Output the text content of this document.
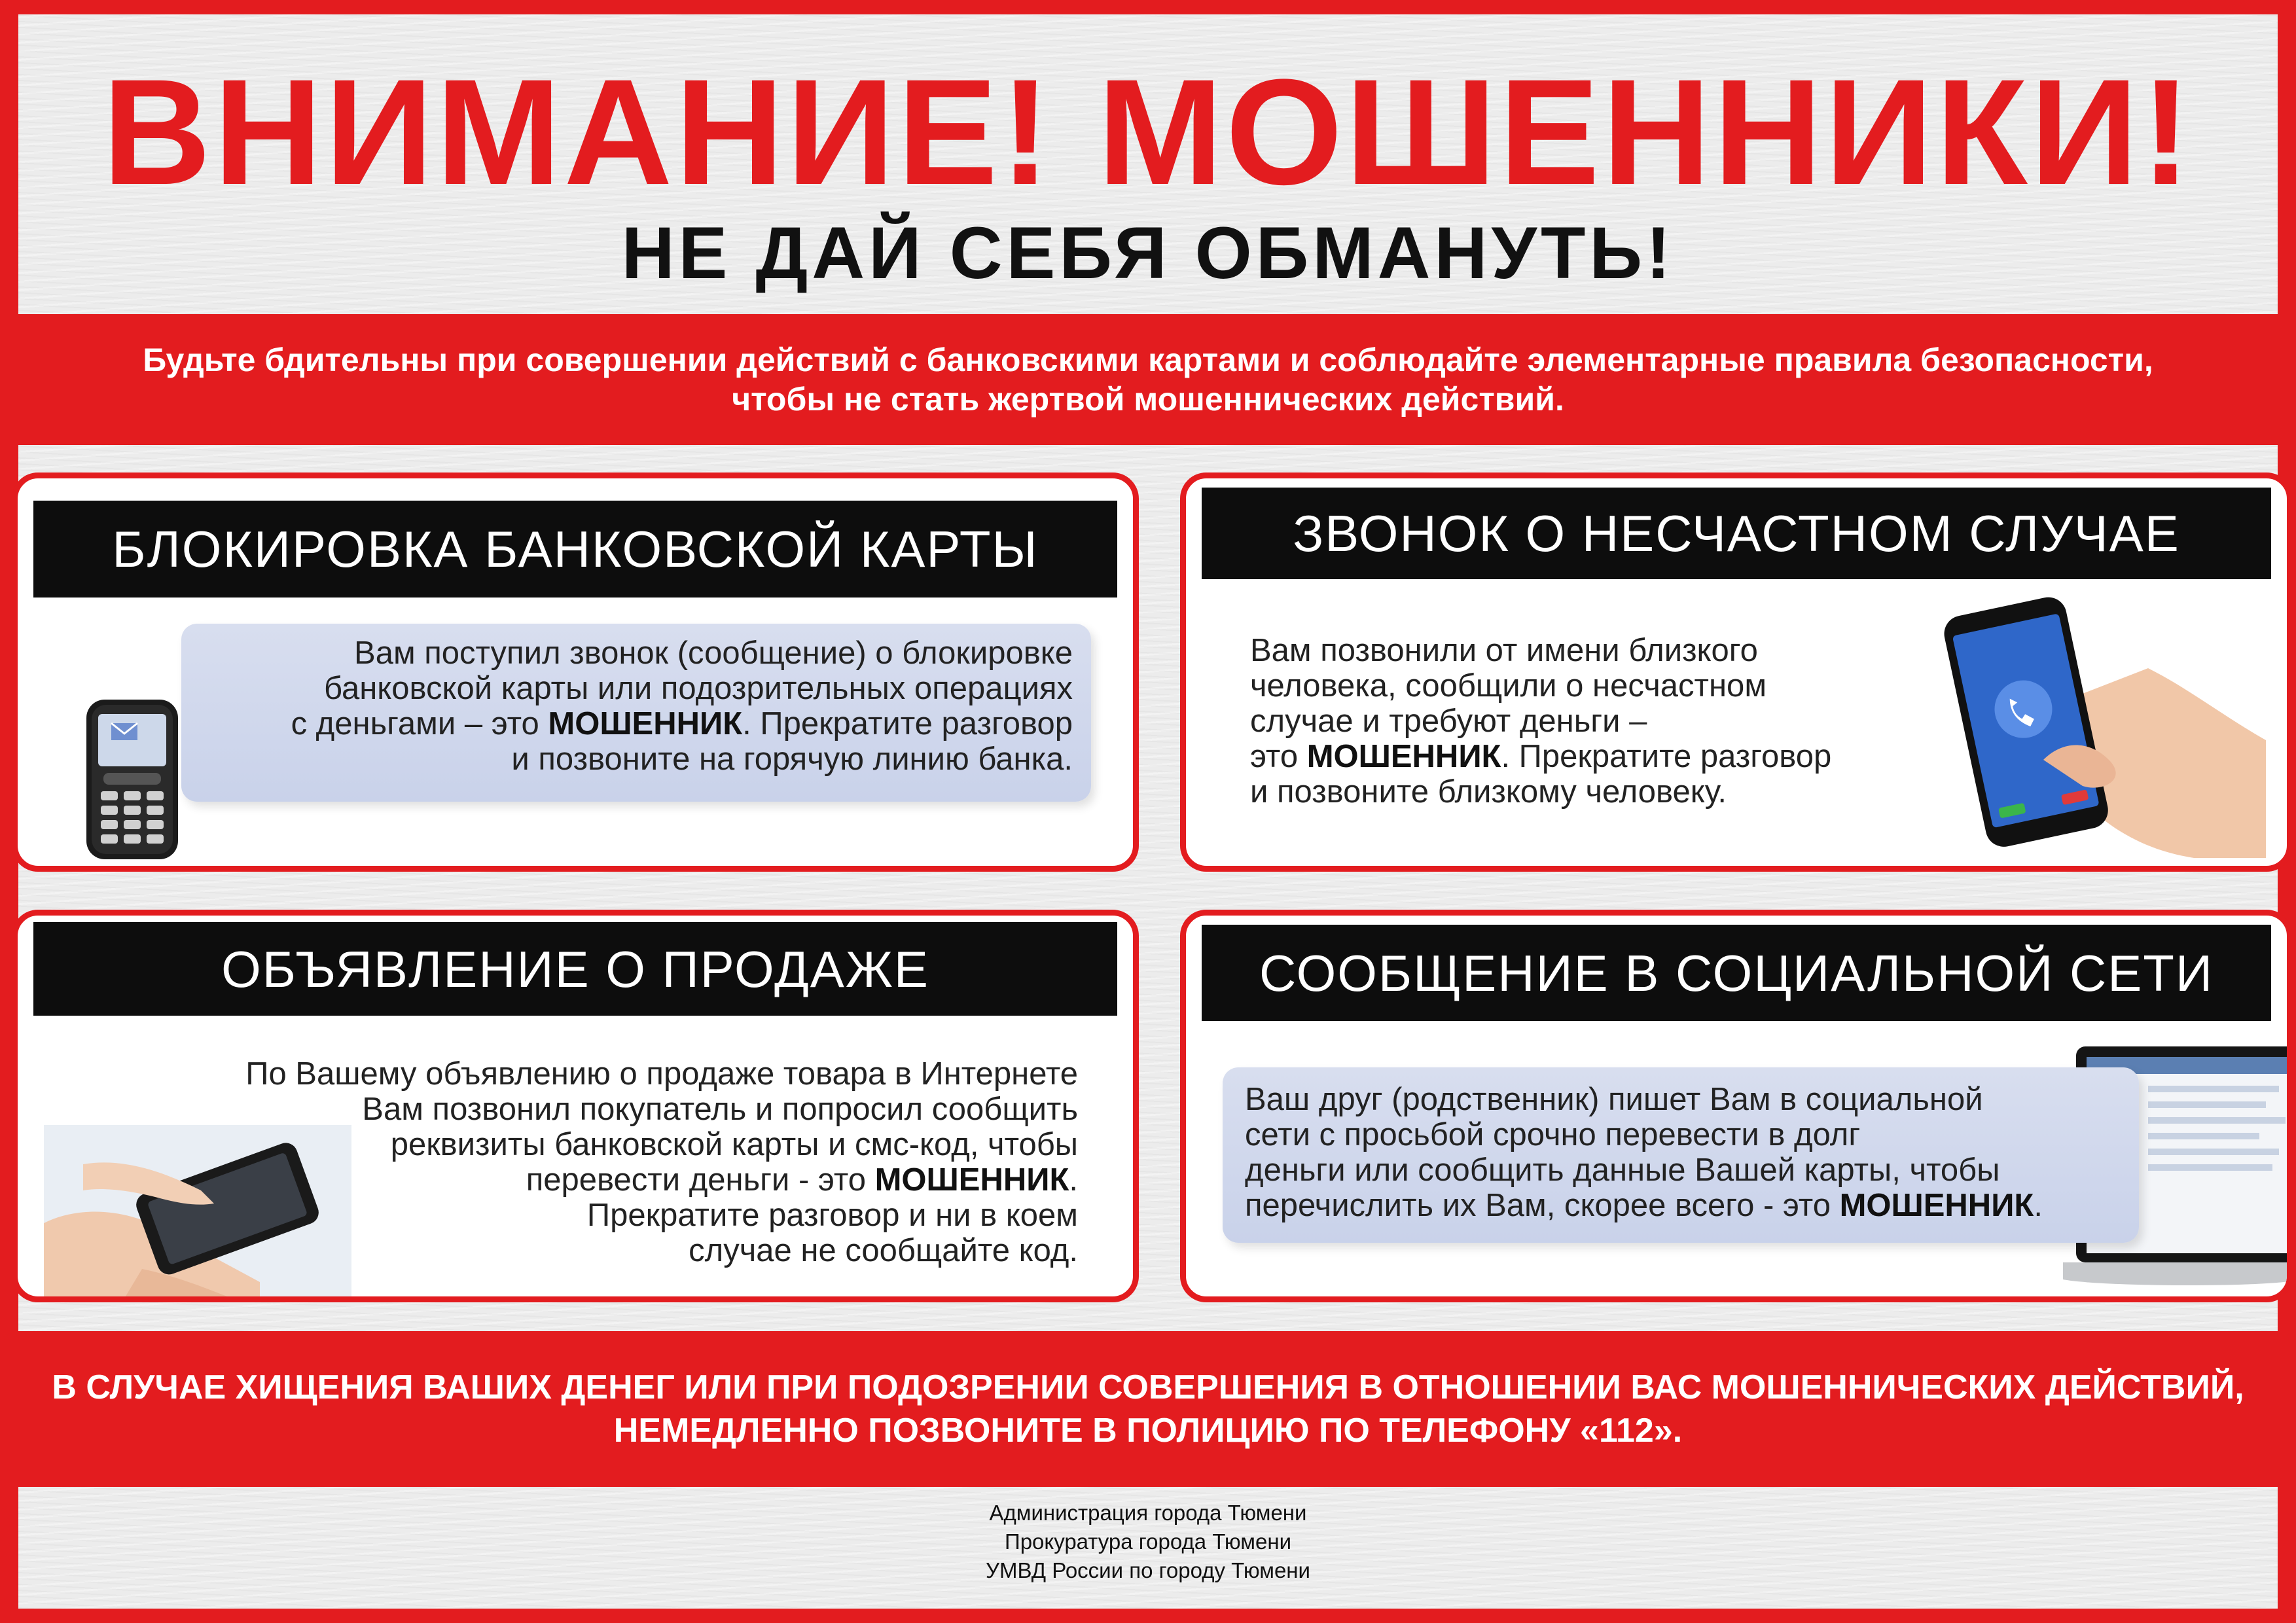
ВНИМАНИЕ! МОШЕННИКИ!
НЕ ДАЙ СЕБЯ ОБМАНУТЬ!
Будьте бдительны при совершении действий с банковскими картами и соблюдайте элементарные правила безопасности,
чтобы не стать жертвой мошеннических действий.
БЛОКИРОВКА БАНКОВСКОЙ КАРТЫ
Вам поступил звонок (сообщение) о блокировке
банковской карты или подозрительных операциях
с деньгами – это МОШЕННИК. Прекратите разговор
и позвоните на горячую линию банка.
ЗВОНОК О НЕСЧАСТНОМ СЛУЧАЕ
Вам позвонили от имени близкого
человека, сообщили о несчастном
случае и требуют деньги –
это МОШЕННИК. Прекратите разговор
и позвоните близкому человеку.
ОБЪЯВЛЕНИЕ О ПРОДАЖЕ
По Вашему объявлению о продаже товара в Интернете
Вам позвонил покупатель и попросил сообщить
реквизиты банковской карты и смс-код, чтобы
перевести деньги - это МОШЕННИК.
Прекратите разговор и ни в коем
случае не сообщайте код.
СООБЩЕНИЕ В СОЦИАЛЬНОЙ СЕТИ
Ваш друг (родственник) пишет Вам в социальной
сети с просьбой срочно перевести в долг
деньги или сообщить данные Вашей карты, чтобы
перечислить их Вам, скорее всего - это МОШЕННИК.
В СЛУЧАЕ ХИЩЕНИЯ ВАШИХ ДЕНЕГ ИЛИ ПРИ ПОДОЗРЕНИИ СОВЕРШЕНИЯ В ОТНОШЕНИИ ВАС МОШЕННИЧЕСКИХ ДЕЙСТВИЙ,
НЕМЕДЛЕННО ПОЗВОНИТЕ В ПОЛИЦИЮ ПО ТЕЛЕФОНУ «112».
Администрация города Тюмени
Прокуратура города Тюмени
УМВД России по городу Тюмени
